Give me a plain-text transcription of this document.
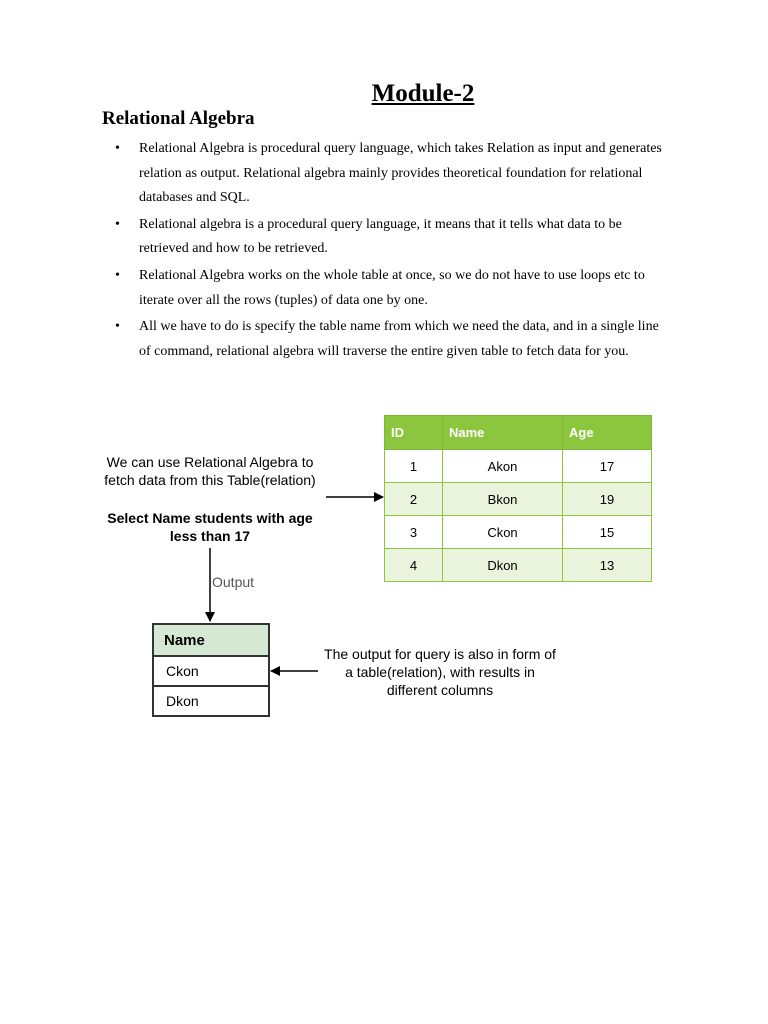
Module-2
Relational Algebra
• Relational Algebra is procedural query language, which takes Relation as input and generates relation as output. Relational algebra mainly provides theoretical foundation for relational databases and SQL.
• Relational algebra is a procedural query language, it means that it tells what data to be retrieved and how to be retrieved.
• Relational Algebra works on the whole table at once, so we do not have to use loops etc to iterate over all the rows (tuples) of data one by one.
• All we have to do is specify the table name from which we need the data, and in a single line of command, relational algebra will traverse the entire given table to fetch data for you.
We can use Relational Algebra to
fetch data from this Table(relation)
Select Name students with age
less than 17
Output
The output for query is also in form of
a table(relation), with results in
different columns
ID	Name	Age
1	Akon	17
2	Bkon	19
3	Ckon	15
4	Dkon	13
Name
Ckon
Dkon
